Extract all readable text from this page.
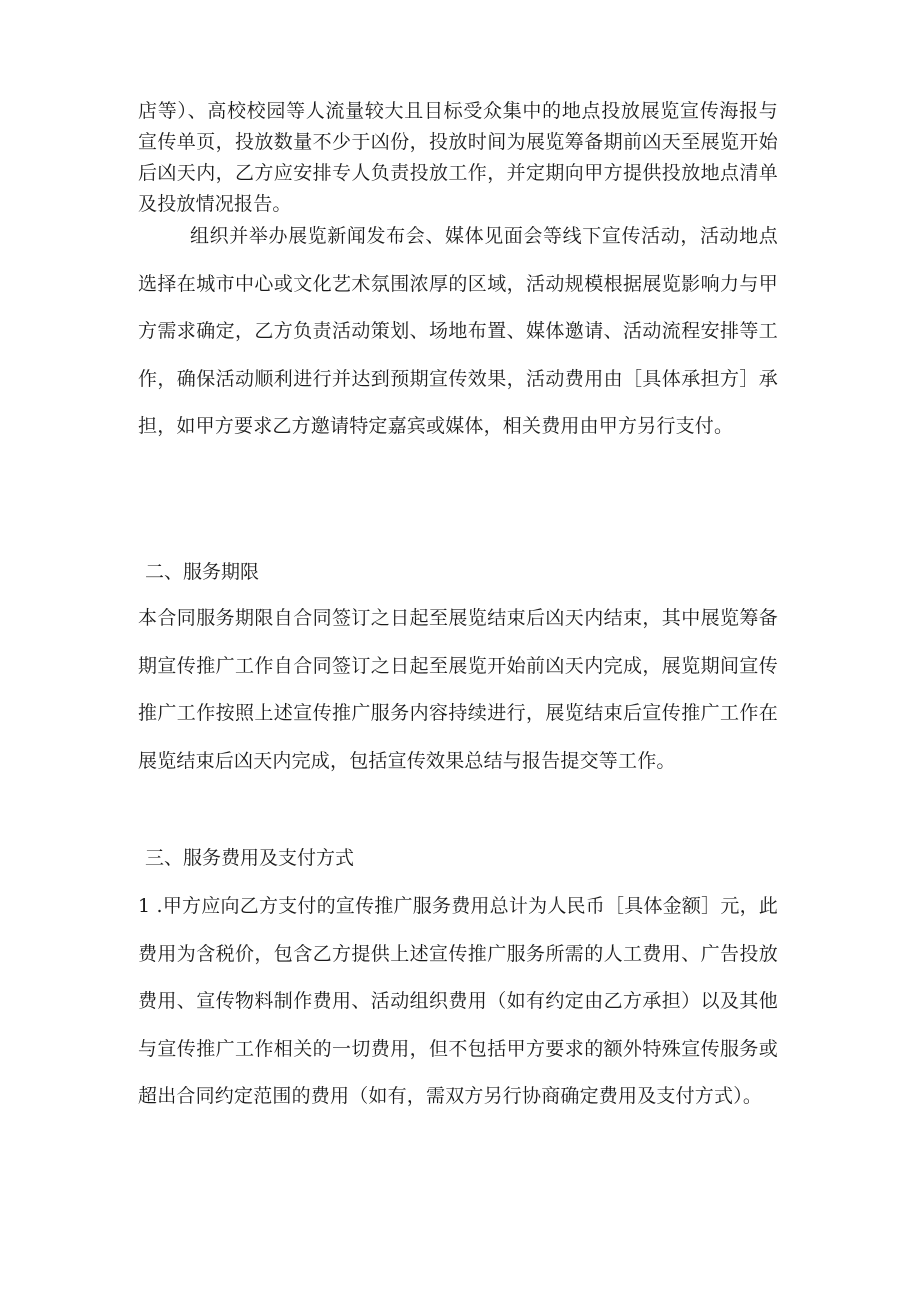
店等）、高校校园等人流量较大且目标受众集中的地点投放展览宣传海报与宣传单页，投放数量不少于凶份，投放时间为展览筹备期前凶天至展览开始后凶天内，乙方应安排专人负责投放工作，并定期向甲方提供投放地点清单及投放情况报告。

组织并举办展览新闻发布会、媒体见面会等线下宣传活动，活动地点选择在城市中心或文化艺术氛围浓厚的区域，活动规模根据展览影响力与甲方需求确定，乙方负责活动策划、场地布置、媒体邀请、活动流程安排等工作，确保活动顺利进行并达到预期宣传效果，活动费用由［具体承担方］承担，如甲方要求乙方邀请特定嘉宾或媒体，相关费用由甲方另行支付。

二、服务期限

本合同服务期限自合同签订之日起至展览结束后凶天内结束，其中展览筹备期宣传推广工作自合同签订之日起至展览开始前凶天内完成，展览期间宣传推广工作按照上述宣传推广服务内容持续进行，展览结束后宣传推广工作在展览结束后凶天内完成，包括宣传效果总结与报告提交等工作。

三、服务费用及支付方式

1 .甲方应向乙方支付的宣传推广服务费用总计为人民币［具体金额］元，此费用为含税价，包含乙方提供上述宣传推广服务所需的人工费用、广告投放费用、宣传物料制作费用、活动组织费用（如有约定由乙方承担）以及其他与宣传推广工作相关的一切费用，但不包括甲方要求的额外特殊宣传服务或超出合同约定范围的费用（如有，需双方另行协商确定费用及支付方式）。
